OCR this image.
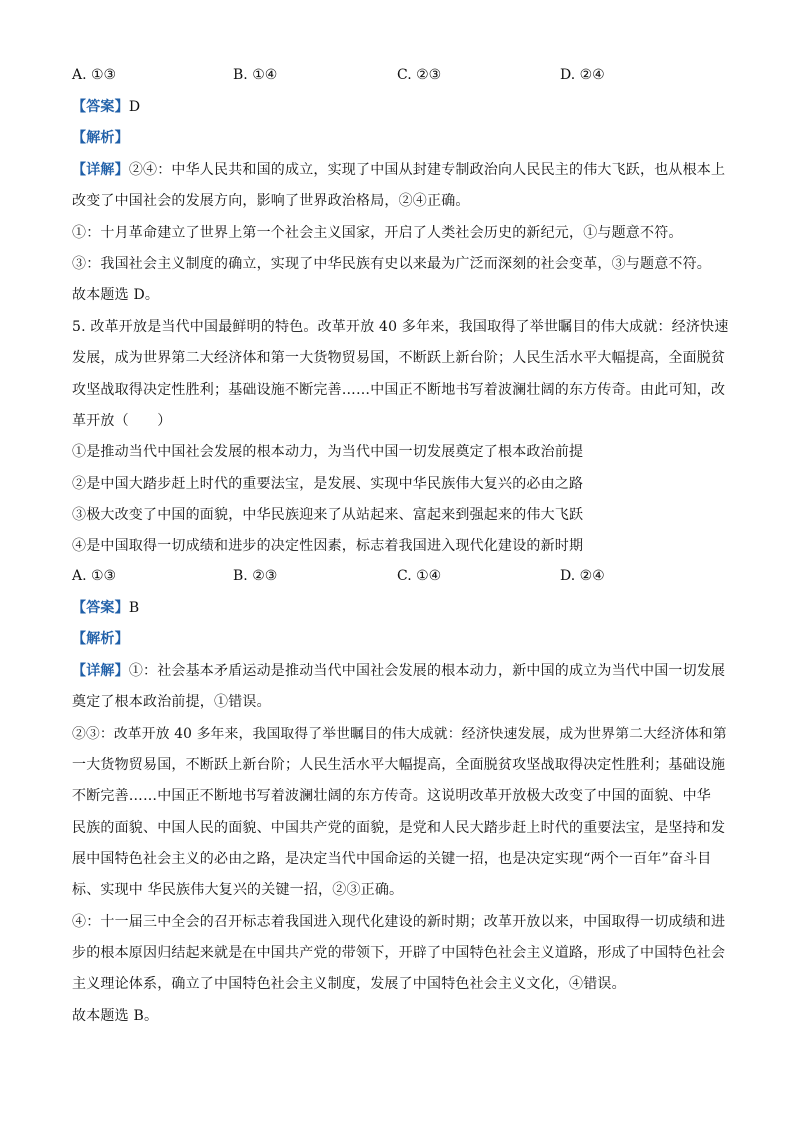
A. ①③	B. ①④	C. ②③	D. ②④
【答案】D
【解析】
【详解】②④：中华人民共和国的成立，实现了中国从封建专制政治向人民民主的伟大飞跃，也从根本上
改变了中国社会的发展方向，影响了世界政治格局，②④正确。
①：十月革命建立了世界上第一个社会主义国家，开启了人类社会历史的新纪元，①与题意不符。
③：我国社会主义制度的确立，实现了中华民族有史以来最为广泛而深刻的社会变革，③与题意不符。
故本题选 D。
5. 改革开放是当代中国最鲜明的特色。改革开放 40 多年来，我国取得了举世瞩目的伟大成就：经济快速
发展，成为世界第二大经济体和第一大货物贸易国，不断跃上新台阶；人民生活水平大幅提高，全面脱贫
攻坚战取得决定性胜利；基础设施不断完善……中国正不断地书写着波澜壮阔的东方传奇。由此可知，改
革开放（　　）
①是推动当代中国社会发展的根本动力，为当代中国一切发展奠定了根本政治前提
②是中国大踏步赶上时代的重要法宝，是发展、实现中华民族伟大复兴的必由之路
③极大改变了中国的面貌，中华民族迎来了从站起来、富起来到强起来的伟大飞跃
④是中国取得一切成绩和进步的决定性因素，标志着我国进入现代化建设的新时期
A. ①③	B. ②③	C. ①④	D. ②④
【答案】B
【解析】
【详解】①：社会基本矛盾运动是推动当代中国社会发展的根本动力，新中国的成立为当代中国一切发展
奠定了根本政治前提，①错误。
②③：改革开放 40 多年来，我国取得了举世瞩目的伟大成就：经济快速发展，成为世界第二大经济体和第
一大货物贸易国，不断跃上新台阶；人民生活水平大幅提高，全面脱贫攻坚战取得决定性胜利；基础设施
不断完善……中国正不断地书写着波澜壮阔的东方传奇。这说明改革开放极大改变了中国的面貌、中华
民族的面貌、中国人民的面貌、中国共产党的面貌，是党和人民大踏步赶上时代的重要法宝，是坚持和发
展中国特色社会主义的必由之路，是决定当代中国命运的关键一招，也是决定实现“两个一百年”奋斗目
标、实现中 华民族伟大复兴的关键一招，②③正确。
④：十一届三中全会的召开标志着我国进入现代化建设的新时期；改革开放以来，中国取得一切成绩和进
步的根本原因归结起来就是在中国共产党的带领下，开辟了中国特色社会主义道路，形成了中国特色社会
主义理论体系，确立了中国特色社会主义制度，发展了中国特色社会主义文化，④错误。
故本题选 B。
